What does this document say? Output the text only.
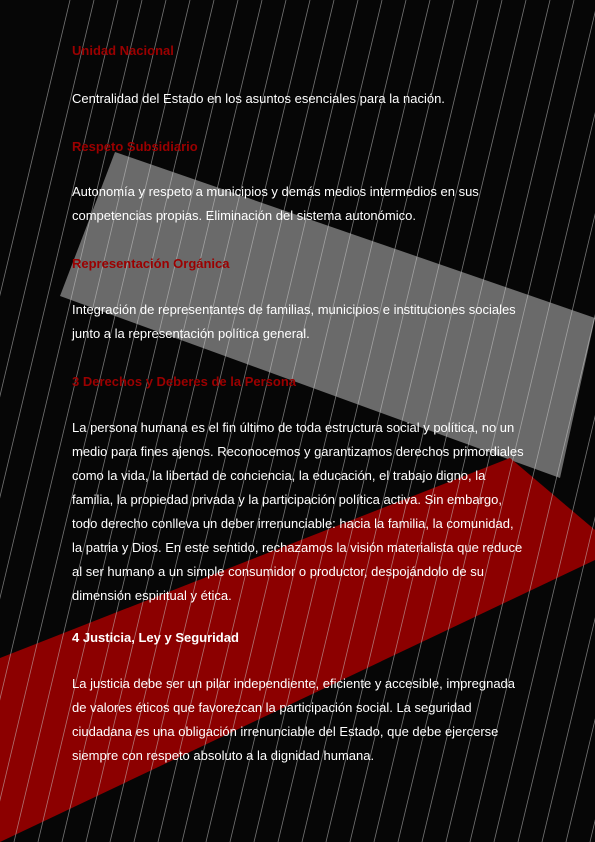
Unidad Nacional

Centralidad del Estado en los asuntos esenciales para la nación.

Respeto Subsidiario

Autonomía y respeto a municipios y demás medios intermedios en sus competencias propias. Eliminación del sistema autonómico.

Representación Orgánica

Integración de representantes de familias, municipios e instituciones sociales junto a la representación política general.

3 Derechos y Deberes de la Persona

La persona humana es el fin último de toda estructura social y política, no un medio para fines ajenos. Reconocemos y garantizamos derechos primordiales como la vida, la libertad de conciencia, la educación, el trabajo digno, la familia, la propiedad privada y la participación política activa. Sin embargo, todo derecho conlleva un deber irrenunciable: hacia la familia, la comunidad, la patria y Dios. En este sentido, rechazamos la visión materialista que reduce al ser humano a un simple consumidor o productor, despojándolo de su dimensión espiritual y ética.

4 Justicia, Ley y Seguridad

La justicia debe ser un pilar independiente, eficiente y accesible, impregnada de valores éticos que favorezcan la participación social. La seguridad ciudadana es una obligación irrenunciable del Estado, que debe ejercerse siempre con respeto absoluto a la dignidad humana.
